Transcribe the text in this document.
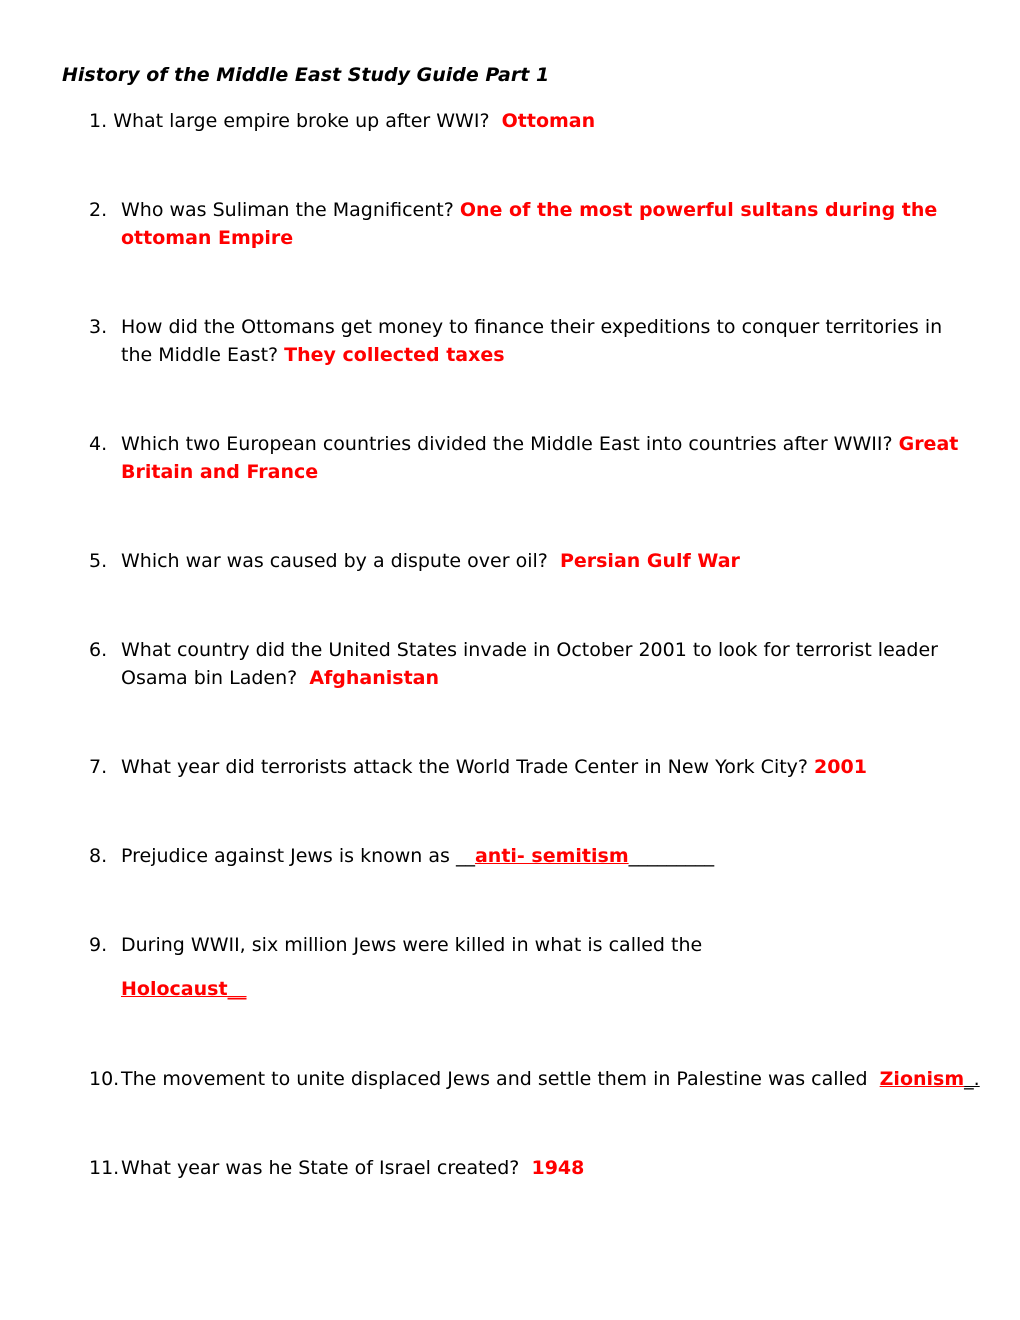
History of the Middle East Study Guide Part 1
1. What large empire broke up after WWI? Ottoman
2. Who was Suliman the Magnificent? One of the most powerful sultans during the ottoman Empire
3. How did the Ottomans get money to finance their expeditions to conquer territories in the Middle East? They collected taxes
4. Which two European countries divided the Middle East into countries after WWII? Great Britain and France
5. Which war was caused by a dispute over oil? Persian Gulf War
6. What country did the United States invade in October 2001 to look for terrorist leader Osama bin Laden? Afghanistan
7. What year did terrorists attack the World Trade Center in New York City? 2001
8. Prejudice against Jews is known as __anti- semitism_________
9. During WWII, six million Jews were killed in what is called the
Holocaust__
10. The movement to unite displaced Jews and settle them in Palestine was called Zionism_.
11. What year was he State of Israel created? 1948
